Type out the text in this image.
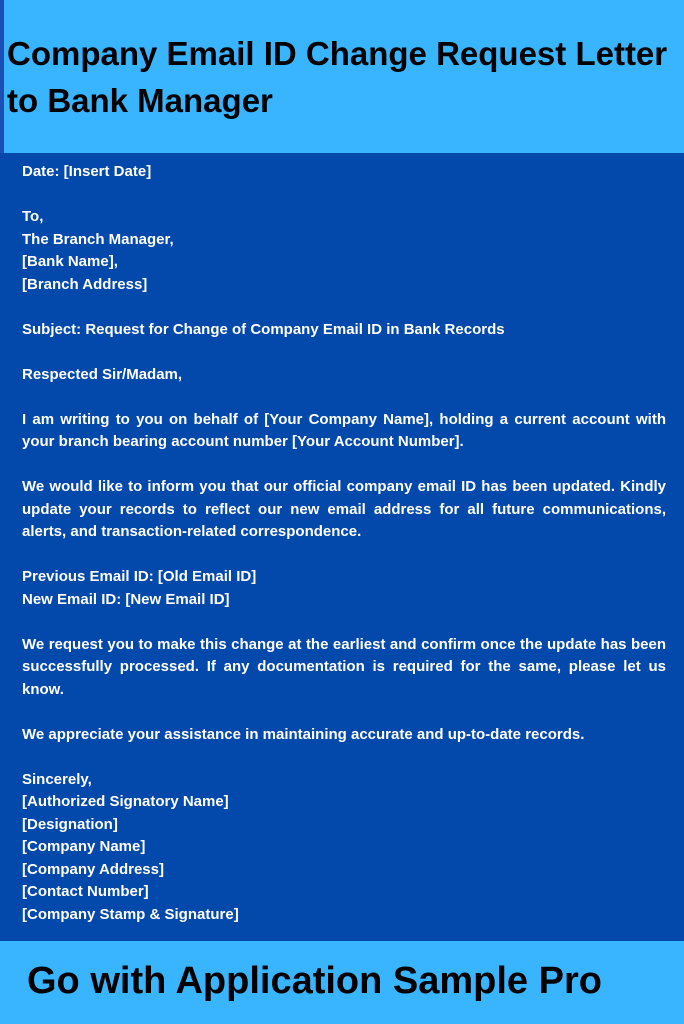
Company Email ID Change Request Letter to Bank Manager

Date: [Insert Date]

To,

The Branch Manager,

[Bank Name],

[Branch Address]

Subject: Request for Change of Company Email ID in Bank Records

Respected Sir/Madam,

I am writing to you on behalf of [Your Company Name], holding a current account with your branch bearing account number [Your Account Number].

We would like to inform you that our official company email ID has been updated. Kindly update your records to reflect our new email address for all future communications, alerts, and transaction-related correspondence.

Previous Email ID: [Old Email ID]

New Email ID: [New Email ID]

We request you to make this change at the earliest and confirm once the update has been successfully processed. If any documentation is required for the same, please let us know.

We appreciate your assistance in maintaining accurate and up-to-date records.

Sincerely,

[Authorized Signatory Name]

[Designation]

[Company Name]

[Company Address]

[Contact Number]

[Company Stamp & Signature]

Go with Application Sample Pro
